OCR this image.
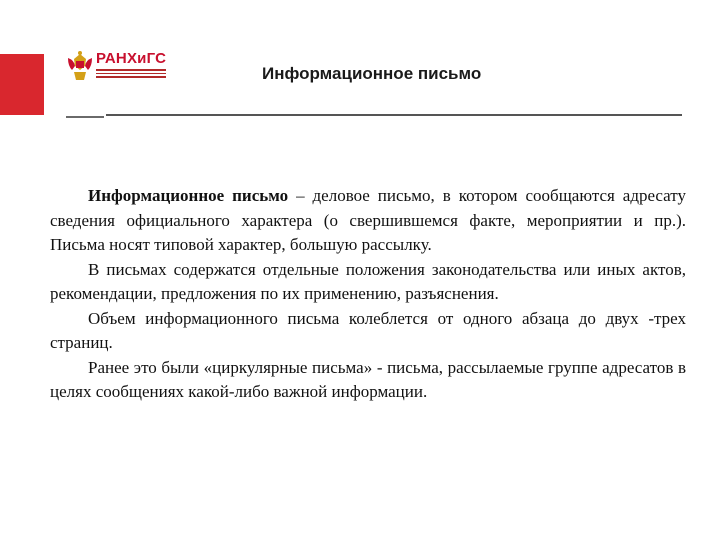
РАНХиГС
Информационное письмо

Информационное письмо – деловое письмо, в котором сообщаются адресату сведения официального характера (о свершившемся факте, мероприятии и пр.). Письма носят типовой характер, большую рассылку.

В письмах содержатся отдельные положения законодательства или иных актов, рекомендации, предложения по их применению, разъяснения.

Объем информационного письма колеблется от одного абзаца до двух -трех страниц.

Ранее это были «циркулярные письма» - письма, рассылаемые группе адресатов в целях сообщениях какой-либо важной информации.
